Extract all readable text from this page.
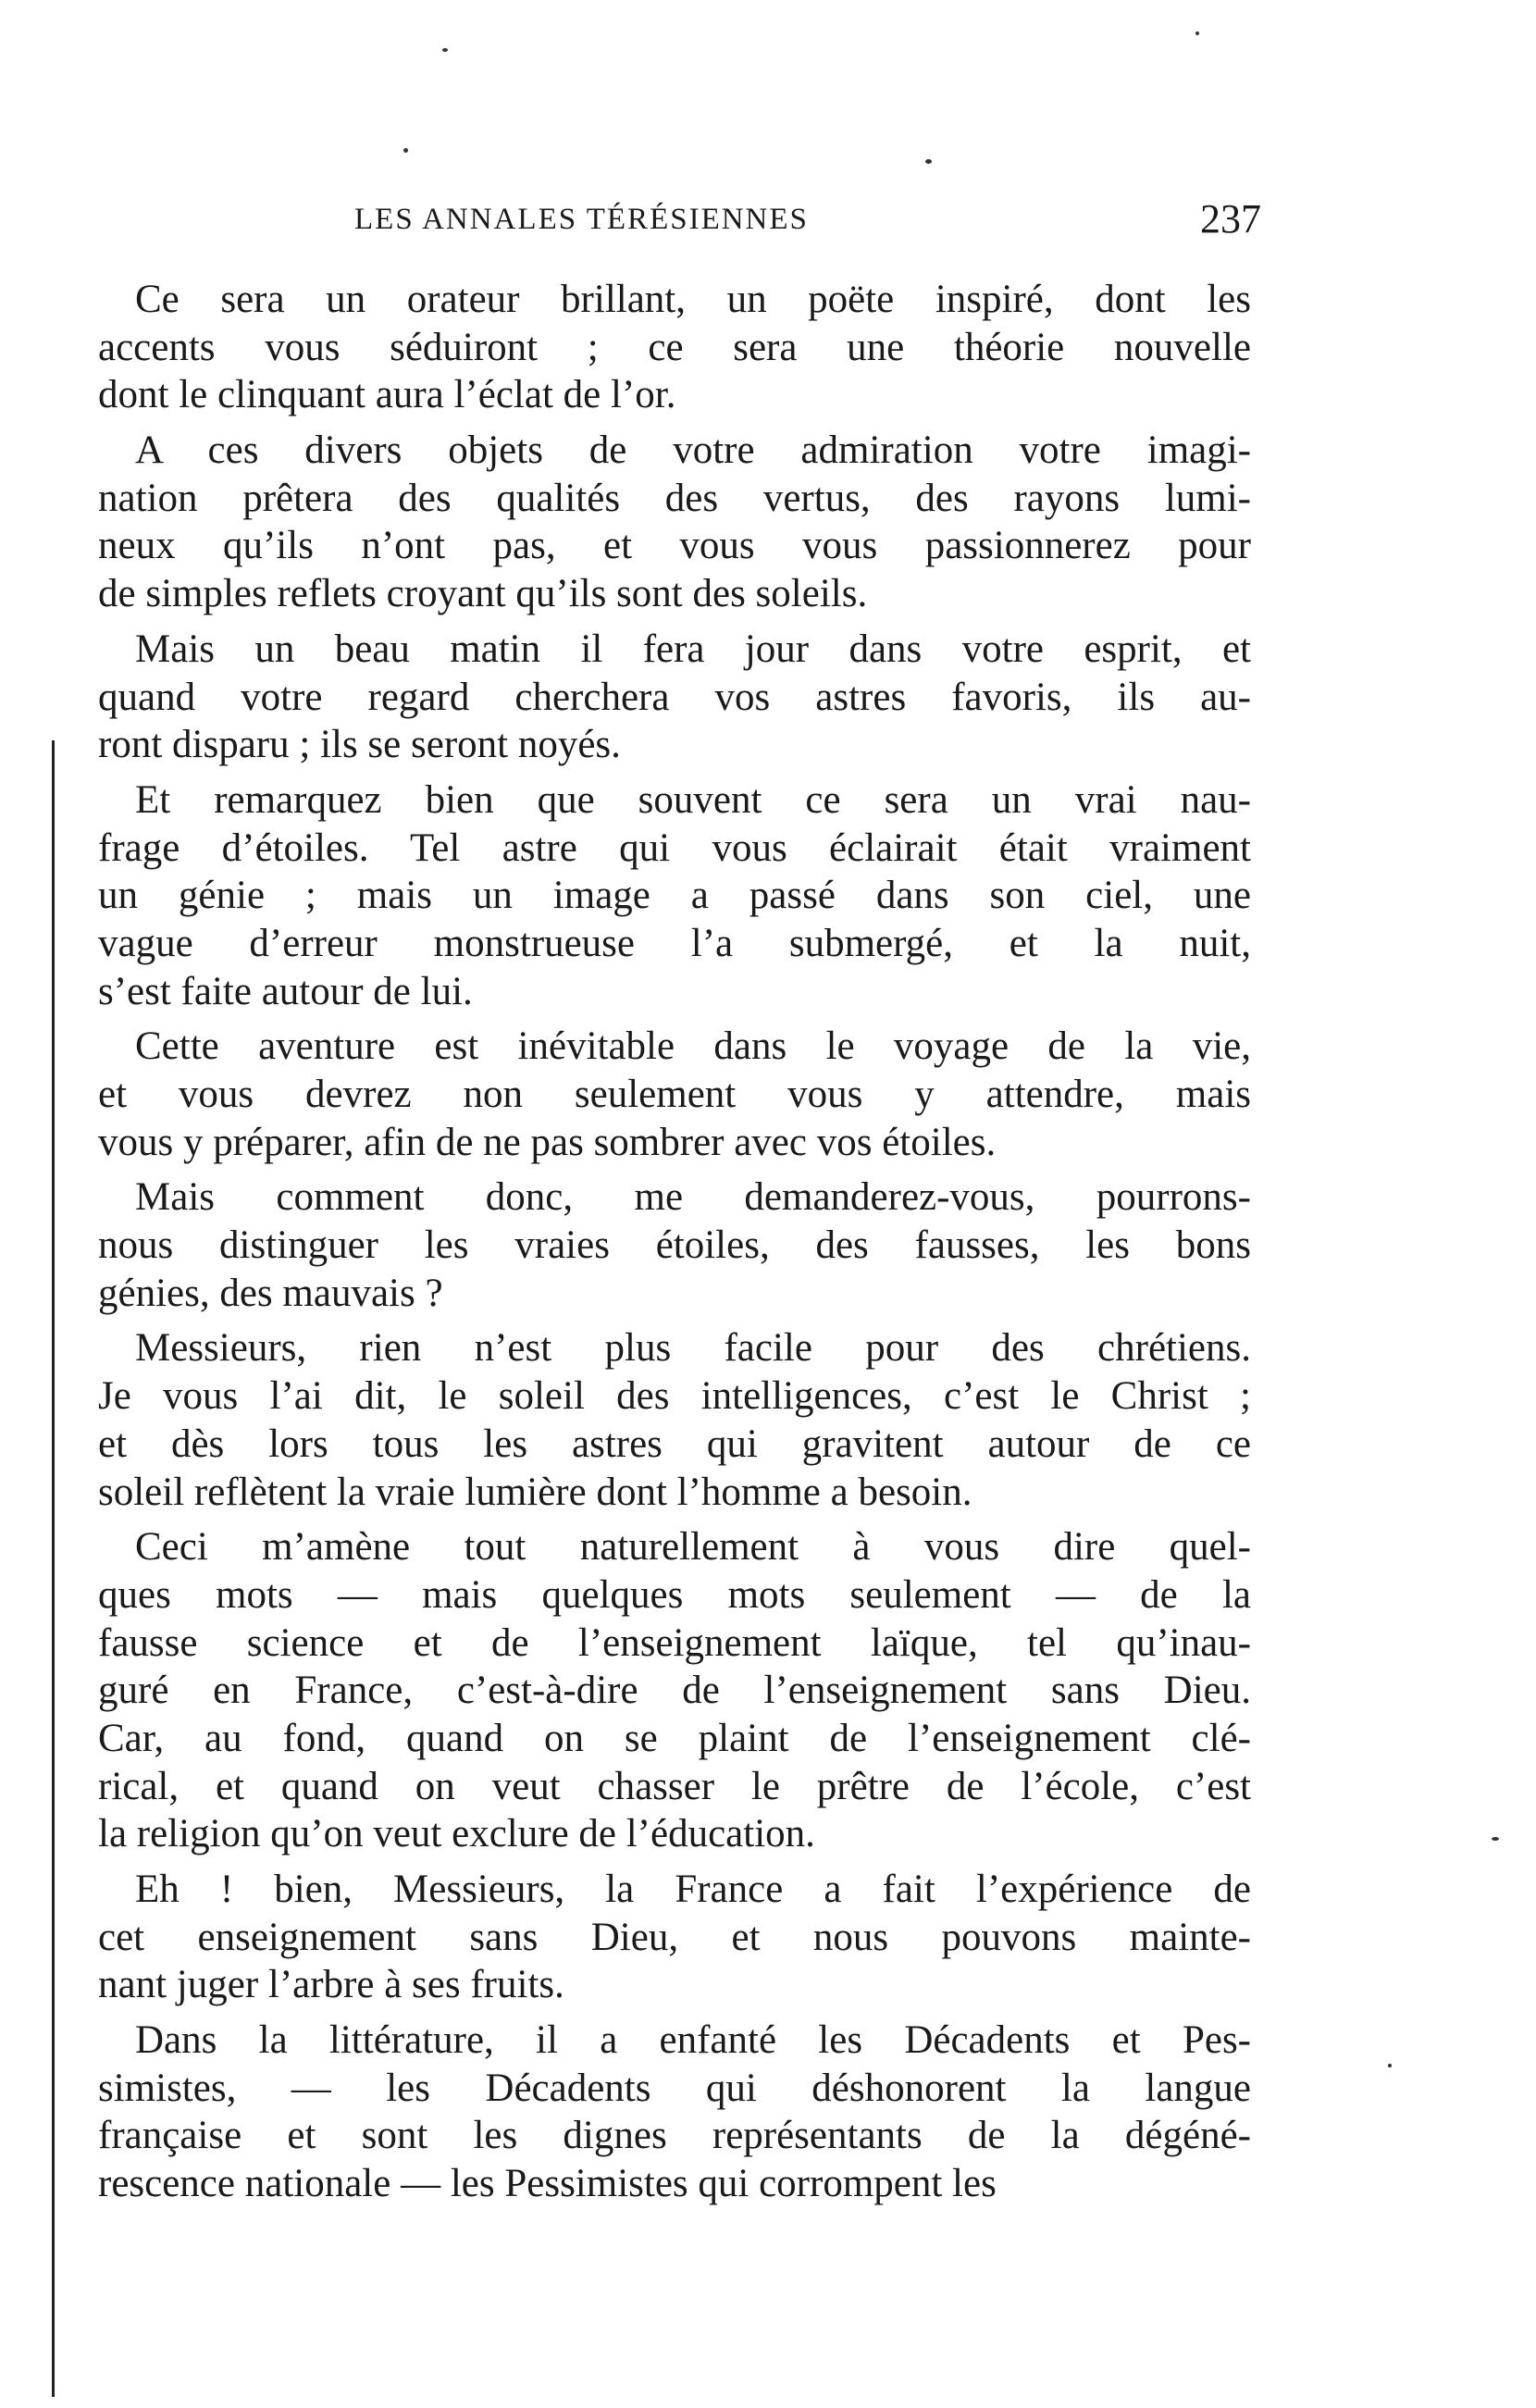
LES ANNALES TÉRÉSIENNES	237
Ce sera un orateur brillant, un poëte inspiré, dont les
accents vous séduiront ; ce sera une théorie nouvelle
dont le clinquant aura l’éclat de l’or.
A ces divers objets de votre admiration votre imagi-
nation prêtera des qualités des vertus, des rayons lumi-
neux qu’ils n’ont pas, et vous vous passionnerez pour
de simples reflets croyant qu’ils sont des soleils.
Mais un beau matin il fera jour dans votre esprit, et
quand votre regard cherchera vos astres favoris, ils au-
ront disparu ; ils se seront noyés.
Et remarquez bien que souvent ce sera un vrai nau-
frage d’étoiles. Tel astre qui vous éclairait était vraiment
un génie ; mais un image a passé dans son ciel, une
vague d’erreur monstrueuse l’a submergé, et la nuit,
s’est faite autour de lui.
Cette aventure est inévitable dans le voyage de la vie,
et vous devrez non seulement vous y attendre, mais
vous y préparer, afin de ne pas sombrer avec vos étoiles.
Mais comment donc, me demanderez-vous, pourrons-
nous distinguer les vraies étoiles, des fausses, les bons
génies, des mauvais ?
Messieurs, rien n’est plus facile pour des chrétiens.
Je vous l’ai dit, le soleil des intelligences, c’est le Christ ;
et dès lors tous les astres qui gravitent autour de ce
soleil reflètent la vraie lumière dont l’homme a besoin.
Ceci m’amène tout naturellement à vous dire quel-
ques mots — mais quelques mots seulement — de la
fausse science et de l’enseignement laïque, tel qu’inau-
guré en France, c’est-à-dire de l’enseignement sans Dieu.
Car, au fond, quand on se plaint de l’enseignement clé-
rical, et quand on veut chasser le prêtre de l’école, c’est
la religion qu’on veut exclure de l’éducation.
Eh ! bien, Messieurs, la France a fait l’expérience de
cet enseignement sans Dieu, et nous pouvons mainte-
nant juger l’arbre à ses fruits.
Dans la littérature, il a enfanté les Décadents et Pes-
simistes, — les Décadents qui déshonorent la langue
française et sont les dignes représentants de la dégéné-
rescence nationale — les Pessimistes qui corrompent les
